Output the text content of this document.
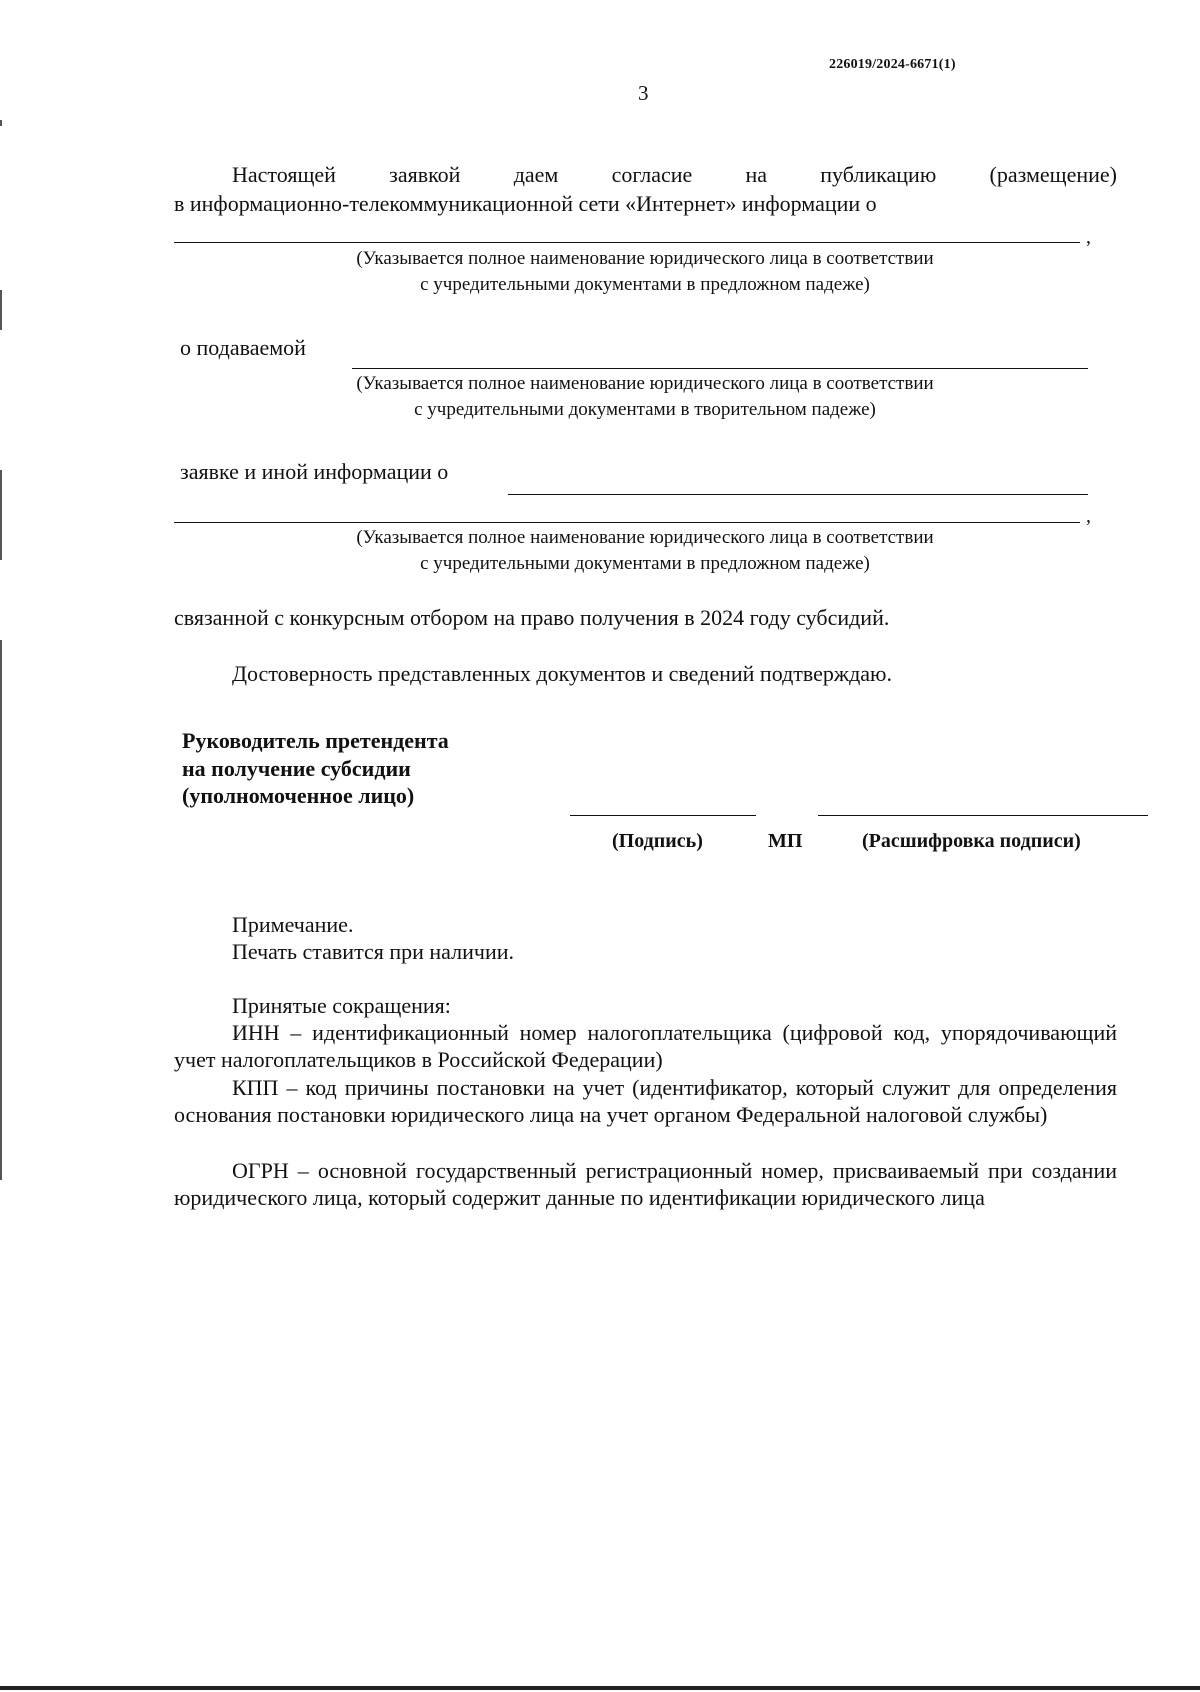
226019/2024-6671(1)
3
Настоящей заявкой даем согласие на публикацию (размещение)
в информационно-телекоммуникационной сети «Интернет» информации о
,
(Указывается полное наименование юридического лица в соответствии
с учредительными документами в предложном падеже)
о подаваемой
(Указывается полное наименование юридического лица в соответствии
с учредительными документами в творительном падеже)
заявке и иной информации о
,
(Указывается полное наименование юридического лица в соответствии
с учредительными документами в предложном падеже)
связанной с конкурсным отбором на право получения в 2024 году субсидий.
Достоверность представленных документов и сведений подтверждаю.
Руководитель претендента
на получение субсидии
(уполномоченное лицо)
(Подпись)	МП	(Расшифровка подписи)
Примечание.
Печать ставится при наличии.
Принятые сокращения:
ИНН – идентификационный номер налогоплательщика (цифровой код, упорядочивающий учет налогоплательщиков в Российской Федерации)
КПП – код причины постановки на учет (идентификатор, который служит для определения основания постановки юридического лица на учет органом Федеральной налоговой службы)
ОГРН – основной государственный регистрационный номер, присваиваемый при создании юридического лица, который содержит данные по идентификации юридического лица
